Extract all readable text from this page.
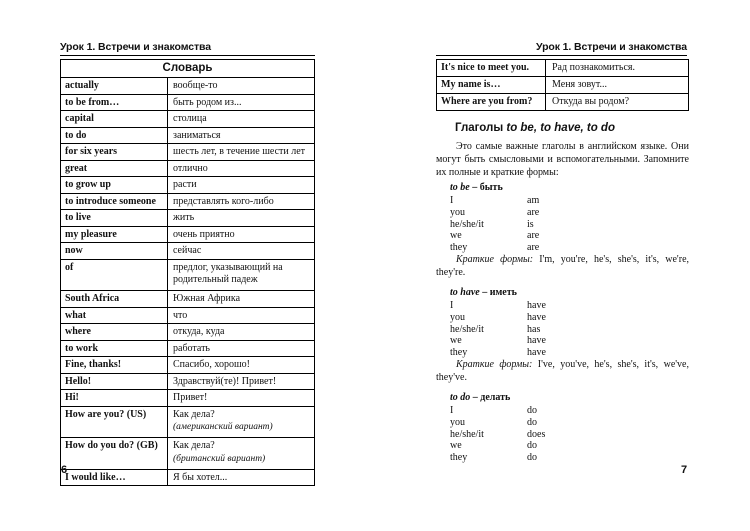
Урок 1. Встречи и знакомства
Словарь
actually	вообще-то
to be from…	быть родом из...
capital	столица
to do	заниматься
for six years	шесть лет, в течение шести лет
great	отлично
to grow up	расти
to introduce someone	представлять кого-либо
to live	жить
my pleasure	очень приятно
now	сейчас
of	предлог, указывающий на родительный падеж
South Africa	Южная Африка
what	что
where	откуда, куда
to work	работать
Fine, thanks!	Спасибо, хорошо!
Hello!	Здравствуй(те)! Привет!
Hi!	Привет!
How are you? (US)	Как дела?
(американский вариант)
How do you do? (GB)	Как дела?
(британский вариант)
I would like…	Я бы хотел...
6
Урок 1. Встречи и знакомства
It's nice to meet you.	Рад познакомиться.
My name is…	Меня зовут...
Where are you from?	Откуда вы родом?
Глаголы to be, to have, to do

Это самые важные глаголы в английском языке. Они могут быть смысловыми и вспомогательными. Запомните их полные и краткие формы:

to be – быть
I	am
you	are
he/she/it	is
we	are
they	are

Краткие формы: I'm, you're, he's, she's, it's, we're, they're.

to have – иметь
I	have
you	have
he/she/it	has
we	have
they	have

Краткие формы: I've, you've, he's, she's, it's, we've, they've.

to do – делать
I	do
you	do
he/she/it	does
we	do
they	do
7
